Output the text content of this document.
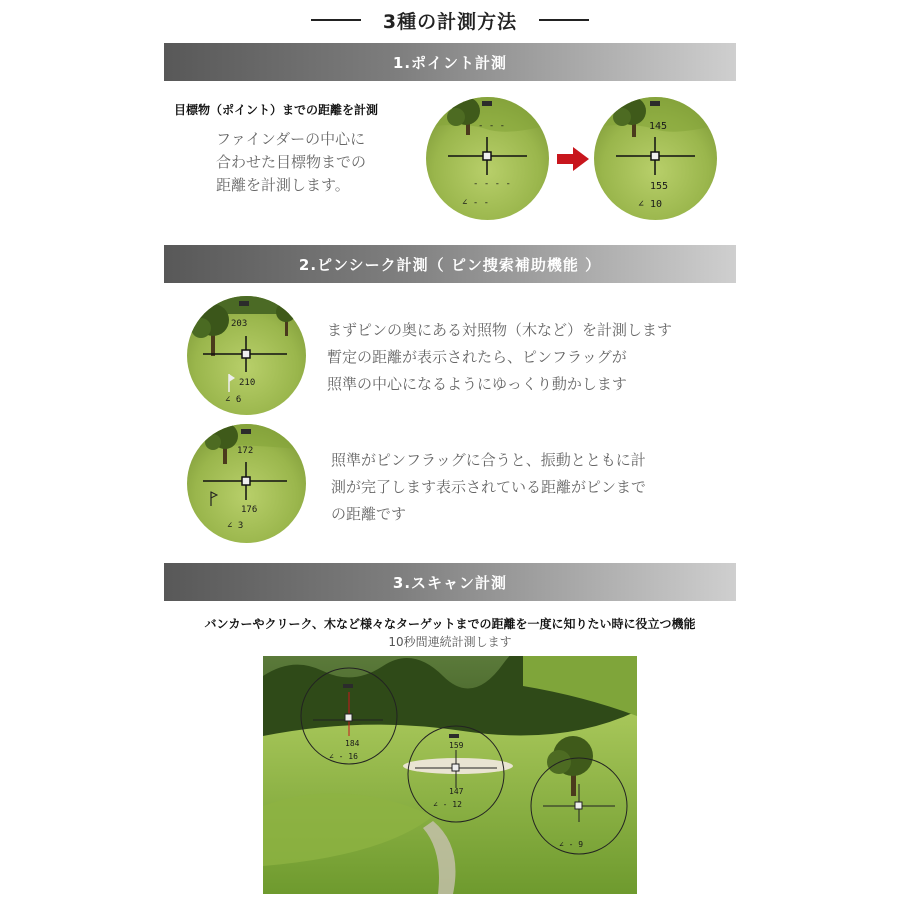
3種の計測方法
1.ポイント計測
目標物（ポイント）までの距離を計測
ファインダーの中心に
合わせた目標物までの
距離を計測します。
- - -
- - - -
∠ - -
145
155
∠ 10
2.ピンシーク計測（ ピン捜索補助機能 ）
203
210
∠ 6
まずピンの奥にある対照物（木など）を計測します
暫定の距離が表示されたら、ピンフラッグが
照準の中心になるようにゆっくり動かします
172
176
∠ 3
照準がピンフラッグに合うと、振動とともに計
測が完了します表示されている距離がピンまで
の距離です
3.スキャン計測
バンカーやクリーク、木など様々なターゲットまでの距離を一度に知りたい時に役立つ機能
10秒間連続計測します
184
∠ - 16
159
147
∠ - 12
∠ - 9
